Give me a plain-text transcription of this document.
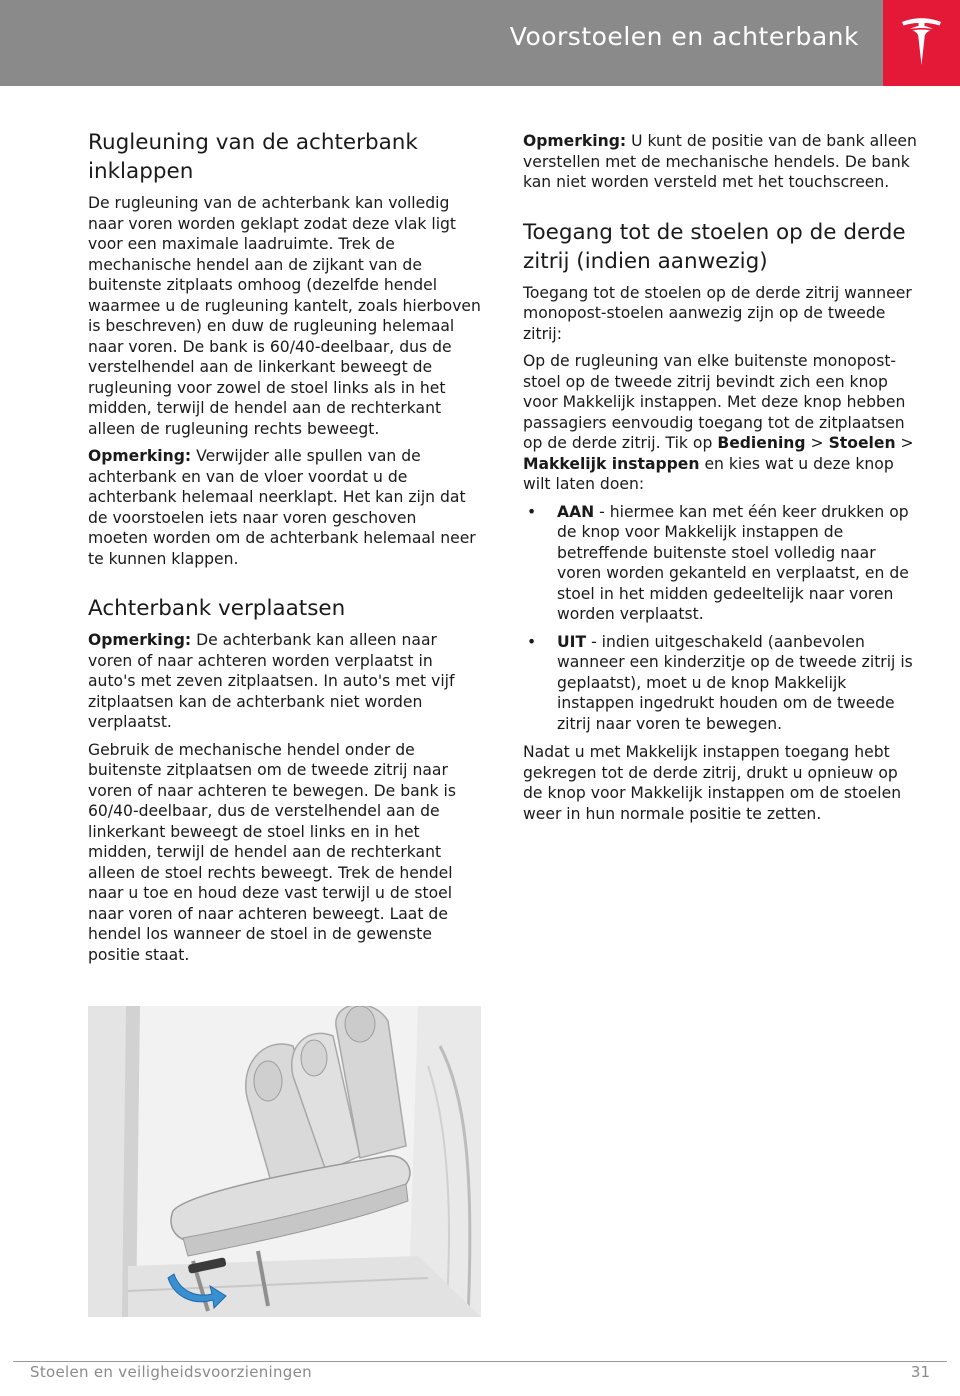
Voorstoelen en achterbank
Rugleuning van de achterbank inklappen

De rugleuning van de achterbank kan volledig naar voren worden geklapt zodat deze vlak ligt voor een maximale laadruimte. Trek de mechanische hendel aan de zijkant van de buitenste zitplaats omhoog (dezelfde hendel waarmee u de rugleuning kantelt, zoals hierboven is beschreven) en duw de rugleuning helemaal naar voren. De bank is 60/40-deelbaar, dus de verstelhendel aan de linkerkant beweegt de rugleuning voor zowel de stoel links als in het midden, terwijl de hendel aan de rechterkant alleen de rugleuning rechts beweegt.

Opmerking: Verwijder alle spullen van de achterbank en van de vloer voordat u de achterbank helemaal neerklapt. Het kan zijn dat de voorstoelen iets naar voren geschoven moeten worden om de achterbank helemaal neer te kunnen klappen.

Achterbank verplaatsen

Opmerking: De achterbank kan alleen naar voren of naar achteren worden verplaatst in auto's met zeven zitplaatsen. In auto's met vijf zitplaatsen kan de achterbank niet worden verplaatst.

Gebruik de mechanische hendel onder de buitenste zitplaatsen om de tweede zitrij naar voren of naar achteren te bewegen. De bank is 60/40-deelbaar, dus de verstelhendel aan de linkerkant beweegt de stoel links en in het midden, terwijl de hendel aan de rechterkant alleen de stoel rechts beweegt. Trek de hendel naar u toe en houd deze vast terwijl u de stoel naar voren of naar achteren beweegt. Laat de hendel los wanneer de stoel in de gewenste positie staat.

Opmerking: U kunt de positie van de bank alleen verstellen met de mechanische hendels. De bank kan niet worden versteld met het touchscreen.

Toegang tot de stoelen op de derde zitrij (indien aanwezig)

Toegang tot de stoelen op de derde zitrij wanneer monopost-stoelen aanwezig zijn op de tweede zitrij:

Op de rugleuning van elke buitenste monopost-stoel op de tweede zitrij bevindt zich een knop voor Makkelijk instappen. Met deze knop hebben passagiers eenvoudig toegang tot de zitplaatsen op de derde zitrij. Tik op Bediening > Stoelen > Makkelijk instappen en kies wat u deze knop wilt laten doen:

• AAN - hiermee kan met één keer drukken op de knop voor Makkelijk instappen de betreffende buitenste stoel volledig naar voren worden gekanteld en verplaatst, en de stoel in het midden gedeeltelijk naar voren worden verplaatst.
• UIT - indien uitgeschakeld (aanbevolen wanneer een kinderzitje op de tweede zitrij is geplaatst), moet u de knop Makkelijk instappen ingedrukt houden om de tweede zitrij naar voren te bewegen.

Nadat u met Makkelijk instappen toegang hebt gekregen tot de derde zitrij, drukt u opnieuw op de knop voor Makkelijk instappen om de stoelen weer in hun normale positie te zetten.

Stoelen en veiligheidsvoorzieningen	31
